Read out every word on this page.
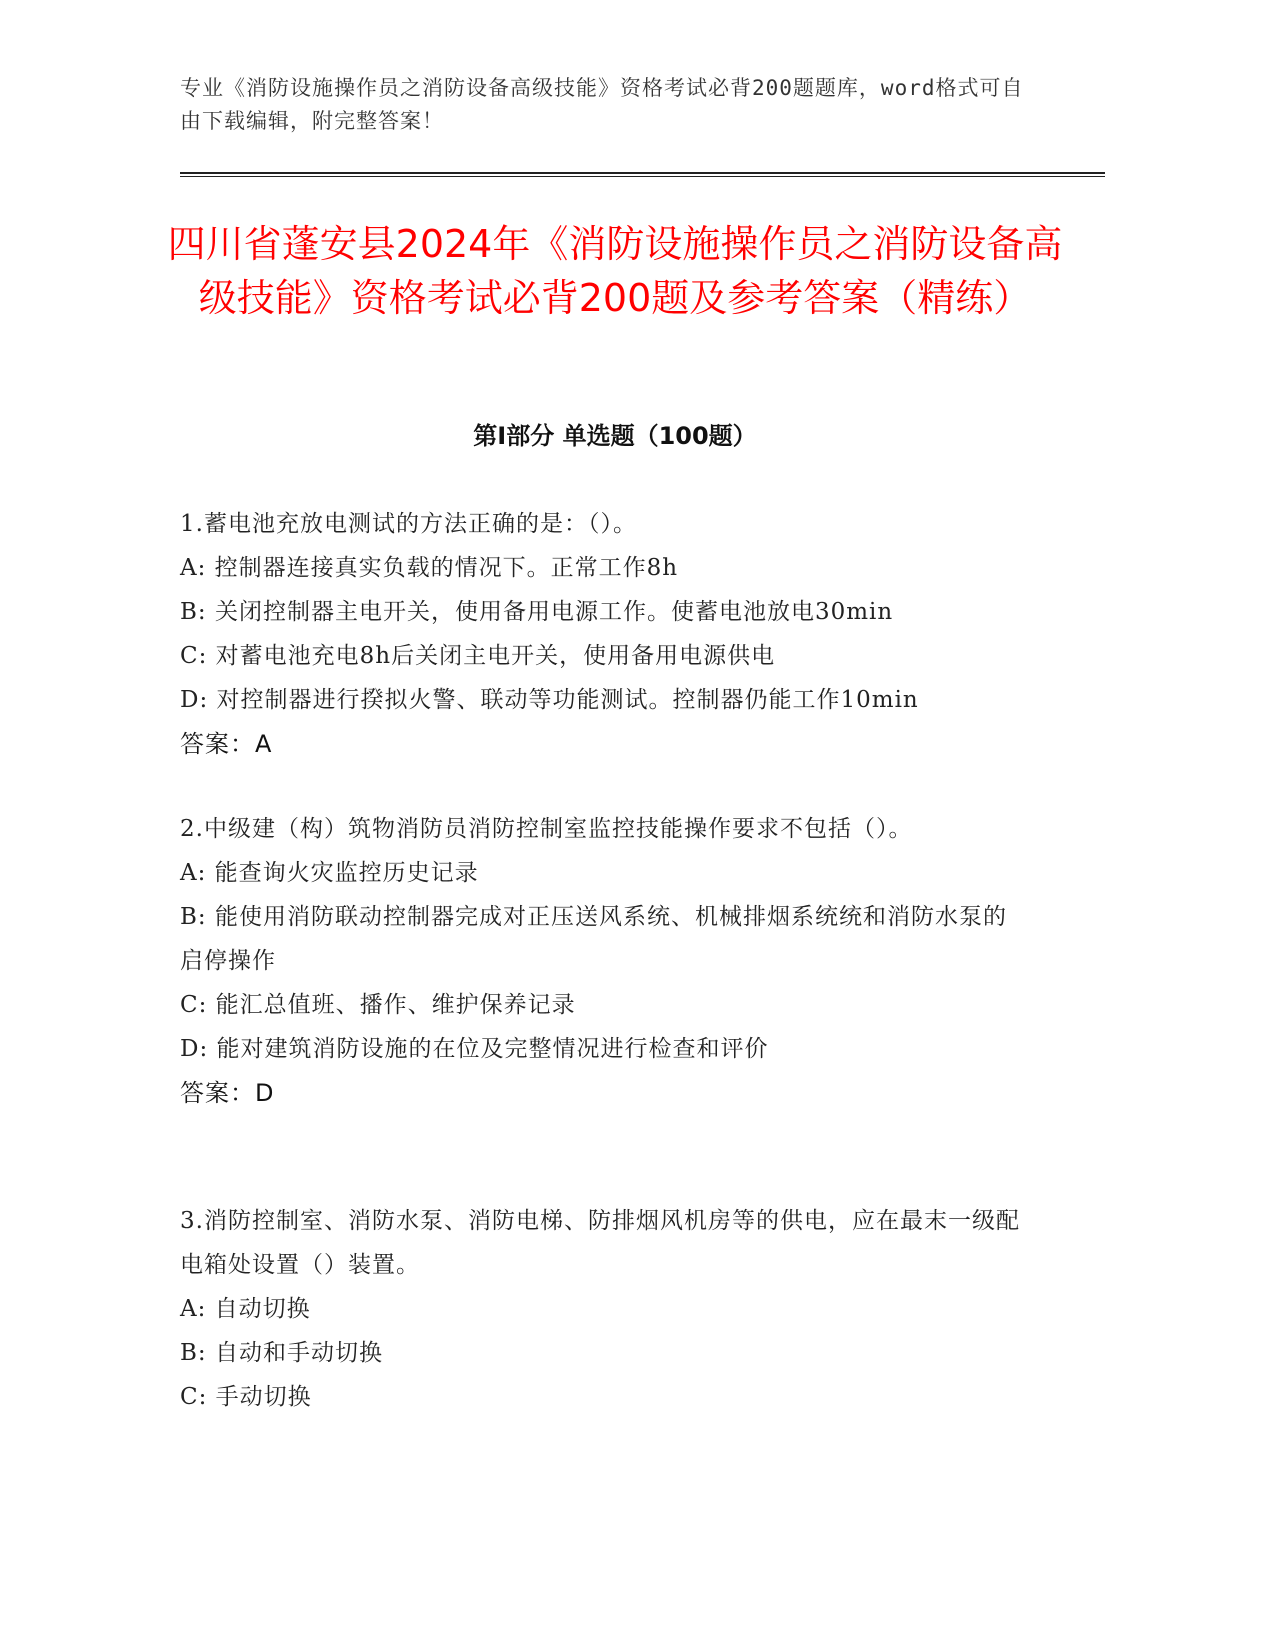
专业《消防设施操作员之消防设备高级技能》资格考试必背200题题库，word格式可自由下载编辑，附完整答案！
四川省蓬安县2024年《消防设施操作员之消防设备高级技能》资格考试必背200题及参考答案（精练）
第Ⅰ部分 单选题（100题）

1.蓄电池充放电测试的方法正确的是：（）。

A: 控制器连接真实负载的情况下。正常工作8h

B: 关闭控制器主电开关，使用备用电源工作。使蓄电池放电30min

C: 对蓄电池充电8h后关闭主电开关，使用备用电源供电

D: 对控制器进行揆拟火警、联动等功能测试。控制器仍能工作10min

答案：A

2.中级建（构）筑物消防员消防控制室监控技能操作要求不包括（）。

A: 能查询火灾监控历史记录

B: 能使用消防联动控制器完成对正压送风系统、机械排烟系统统和消防水泵的启停操作

C: 能汇总值班、播作、维护保养记录

D: 能对建筑消防设施的在位及完整情况进行检查和评价

答案：D

3.消防控制室、消防水泵、消防电梯、防排烟风机房等的供电，应在最末一级配电箱处设置（）装置。

A: 自动切换

B: 自动和手动切换

C: 手动切换
